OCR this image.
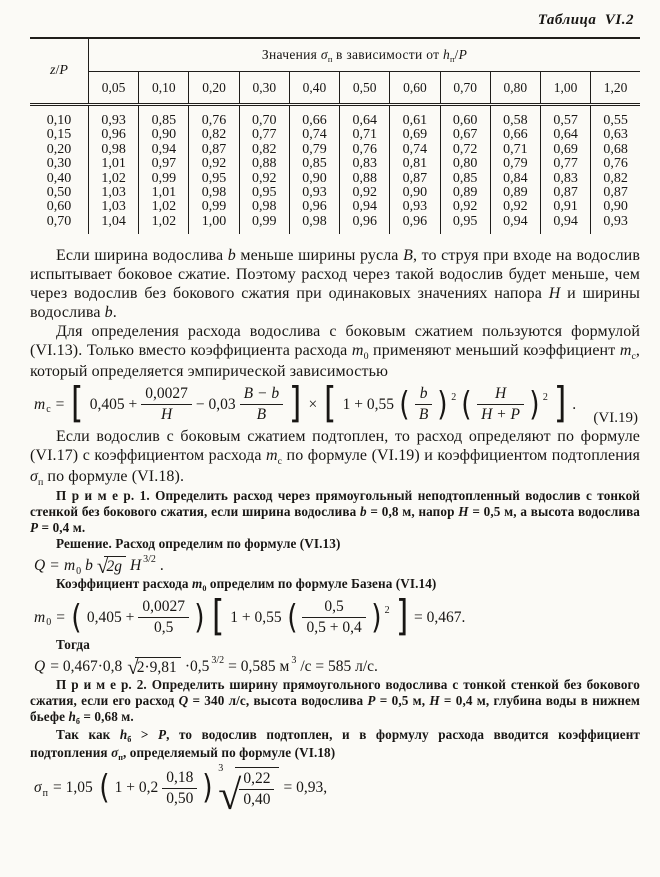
Таблица  VI.2
z/P	Значения $\sigma_п$ в зависимости от $h_п/P$										
	0,05	0,10	0,20	0,30	0,40	0,50	0,60	0,70	0,80	1,00	1,20
0,10	0,93	0,85	0,76	0,70	0,66	0,64	0,61	0,60	0,58	0,57	0,55
0,15	0,96	0,90	0,82	0,77	0,74	0,71	0,69	0,67	0,66	0,64	0,63
0,20	0,98	0,94	0,87	0,82	0,79	0,76	0,74	0,72	0,71	0,69	0,68
0,30	1,01	0,97	0,92	0,88	0,85	0,83	0,81	0,80	0,79	0,77	0,76
0,40	1,02	0,99	0,95	0,92	0,90	0,88	0,87	0,85	0,84	0,83	0,82
0,50	1,03	1,01	0,98	0,95	0,93	0,92	0,90	0,89	0,89	0,87	0,87
0,60	1,03	1,02	0,99	0,98	0,96	0,94	0,93	0,92	0,92	0,91	0,90
0,70	1,04	1,02	1,00	0,99	0,98	0,96	0,96	0,95	0,94	0,94	0,93

Если ширина водослива b меньше ширины русла B, то струя при входе на водослив испытывает боковое сжатие. Поэтому расход через такой водослив будет меньше, чем через водослив без бокового сжатия при одинаковых значениях напора H и ширины водослива b.

Для определения расхода водослива с боковым сжатием пользуются формулой (VI.13). Только вместо коэффициента расхода $m_0$ применяют меньший коэффициент $m_с$, который определяется эмпирической зависимостью

m с = [ $0,405 + \frac{0,0027}{H} - 0,03 \frac{B - b}{B}$ ] × [ 1 + 0,55 ( $\frac{b}{B}$ ) 2 ( $\frac{H}{H + P}$ ) 2 ] .
(VI.19)

Если водослив с боковым сжатием подтоплен, то расход определяют по формуле (VI.17) с коэффициентом расхода $m_с$ по формуле (VI.19) и коэффициентом подтопления $\sigma_п$ по формуле (VI.18).

П р и м е р. 1. Определить расход через прямоугольный неподтопленный водослив с тонкой стенкой без бокового сжатия, если ширина водослива b = 0,8 м, напор H = 0,5 м, а высота водослива P = 0,4 м.

Решение. Расход определим по формуле (VI.13)

Q = m 0 b √
2g H 3/2 .

Коэффициент расхода $m_0$ определим по формуле Базена (VI.14)

m 0 = ( $0,405 + \frac{0,0027}{0,5}$ ) [ 1 + 0,55 ( $\frac{0,5}{0,5 + 0,4}$ ) 2 ] = 0,467.

Тогда

Q = 0,467·0,8 √
2·9,81 ·0,5 3/2 = 0,585 м 3 /с = 585 л/с.

П р и м е р. 2. Определить ширину прямоугольного водослива с тонкой стенкой без бокового сжатия, если его расход Q = 340 л/с, высота водослива P = 0,5 м, H = 0,4 м, глубина воды в нижнем бьефе $h_б = 0,68$ м.

Так как $h_б > P$, то водослив подтоплен, и в формулу расхода вводится коэффициент подтопления $\sigma_п$, определяемый по формуле (VI.18)

σ п = 1,05 ( $1 + 0,2 \frac{0,18}{0,50}$ ) 3
√
$\frac{0,22}{0,40} = 0,93$,
